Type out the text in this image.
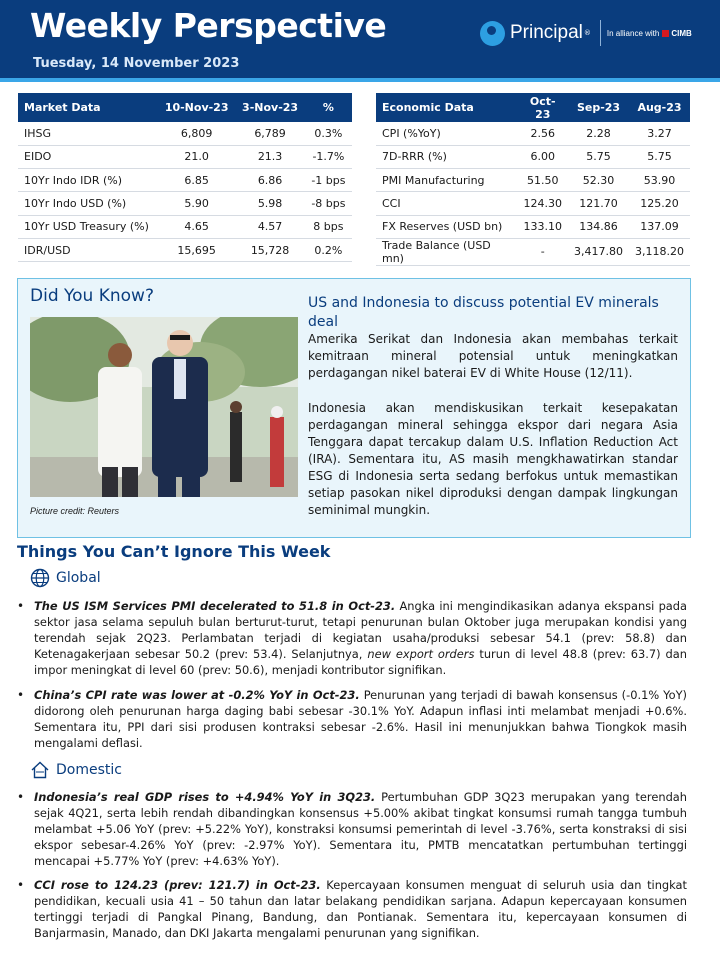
Weekly Perspective
Tuesday, 14 November 2023
Principal ® In alliance with CIMB
Market Data	10-Nov-23	3-Nov-23	%
IHSG	6,809	6,789	0.3%
EIDO	21.0	21.3	-1.7%
10Yr Indo IDR (%)	6.85	6.86	-1 bps
10Yr Indo USD (%)	5.90	5.98	-8 bps
10Yr USD Treasury (%)	4.65	4.57	8 bps
IDR/USD	15,695	15,728	0.2%
Economic Data	Oct-23	Sep-23	Aug-23
CPI (%YoY)	2.56	2.28	3.27
7D-RRR (%)	6.00	5.75	5.75
PMI Manufacturing	51.50	52.30	53.90
CCI	124.30	121.70	125.20
FX Reserves (USD bn)	133.10	134.86	137.09
Trade Balance (USD mn)	-	3,417.80	3,118.20
Did You Know?
Picture credit: Reuters
US and Indonesia to discuss potential EV minerals deal
Amerika Serikat dan Indonesia akan membahas terkait kemitraan mineral potensial untuk meningkatkan perdagangan nikel baterai EV di White House (12/11).
Indonesia akan mendiskusikan terkait kesepakatan perdagangan mineral sehingga ekspor dari negara Asia Tenggara dapat tercakup dalam U.S. Inflation Reduction Act (IRA). Sementara itu, AS masih mengkhawatirkan standar ESG di Indonesia serta sedang berfokus untuk memastikan setiap pasokan nikel diproduksi dengan dampak lingkungan seminimal mungkin.
Things You Can’t Ignore This Week
Global
• The US ISM Services PMI decelerated to 51.8 in Oct-23. Angka ini mengindikasikan adanya ekspansi pada sektor jasa selama sepuluh bulan berturut-turut, tetapi penurunan bulan Oktober juga merupakan kondisi yang terendah sejak 2Q23. Perlambatan terjadi di kegiatan usaha/produksi sebesar 54.1 (prev: 58.8) dan Ketenagakerjaan sebesar 50.2 (prev: 53.4). Selanjutnya, new export orders turun di level 48.8 (prev: 63.7) dan impor meningkat di level 60 (prev: 50.6), menjadi kontributor signifikan.
• China’s CPI rate was lower at -0.2% YoY in Oct-23. Penurunan yang terjadi di bawah konsensus (-0.1% YoY) didorong oleh penurunan harga daging babi sebesar -30.1% YoY. Adapun inflasi inti melambat menjadi +0.6%. Sementara itu, PPI dari sisi produsen kontraksi sebesar -2.6%. Hasil ini menunjukkan bahwa Tiongkok masih mengalami deflasi.
Domestic
• Indonesia’s real GDP rises to +4.94% YoY in 3Q23. Pertumbuhan GDP 3Q23 merupakan yang terendah sejak 4Q21, serta lebih rendah dibandingkan konsensus +5.00% akibat tingkat konsumsi rumah tangga tumbuh melambat +5.06 YoY (prev: +5.22% YoY), konstraksi konsumsi pemerintah di level -3.76%, serta konstraksi di sisi ekspor sebesar-4.26% YoY (prev: -2.97% YoY). Sementara itu, PMTB mencatatkan pertumbuhan tertinggi mencapai +5.77% YoY (prev: +4.63% YoY).
• CCI rose to 124.23 (prev: 121.7) in Oct-23. Kepercayaan konsumen menguat di seluruh usia dan tingkat pendidikan, kecuali usia 41 – 50 tahun dan latar belakang pendidikan sarjana. Adapun kepercayaan konsumen tertinggi terjadi di Pangkal Pinang, Bandung, dan Pontianak. Sementara itu, kepercayaan konsumen di Banjarmasin, Manado, dan DKI Jakarta mengalami penurunan yang signifikan.
